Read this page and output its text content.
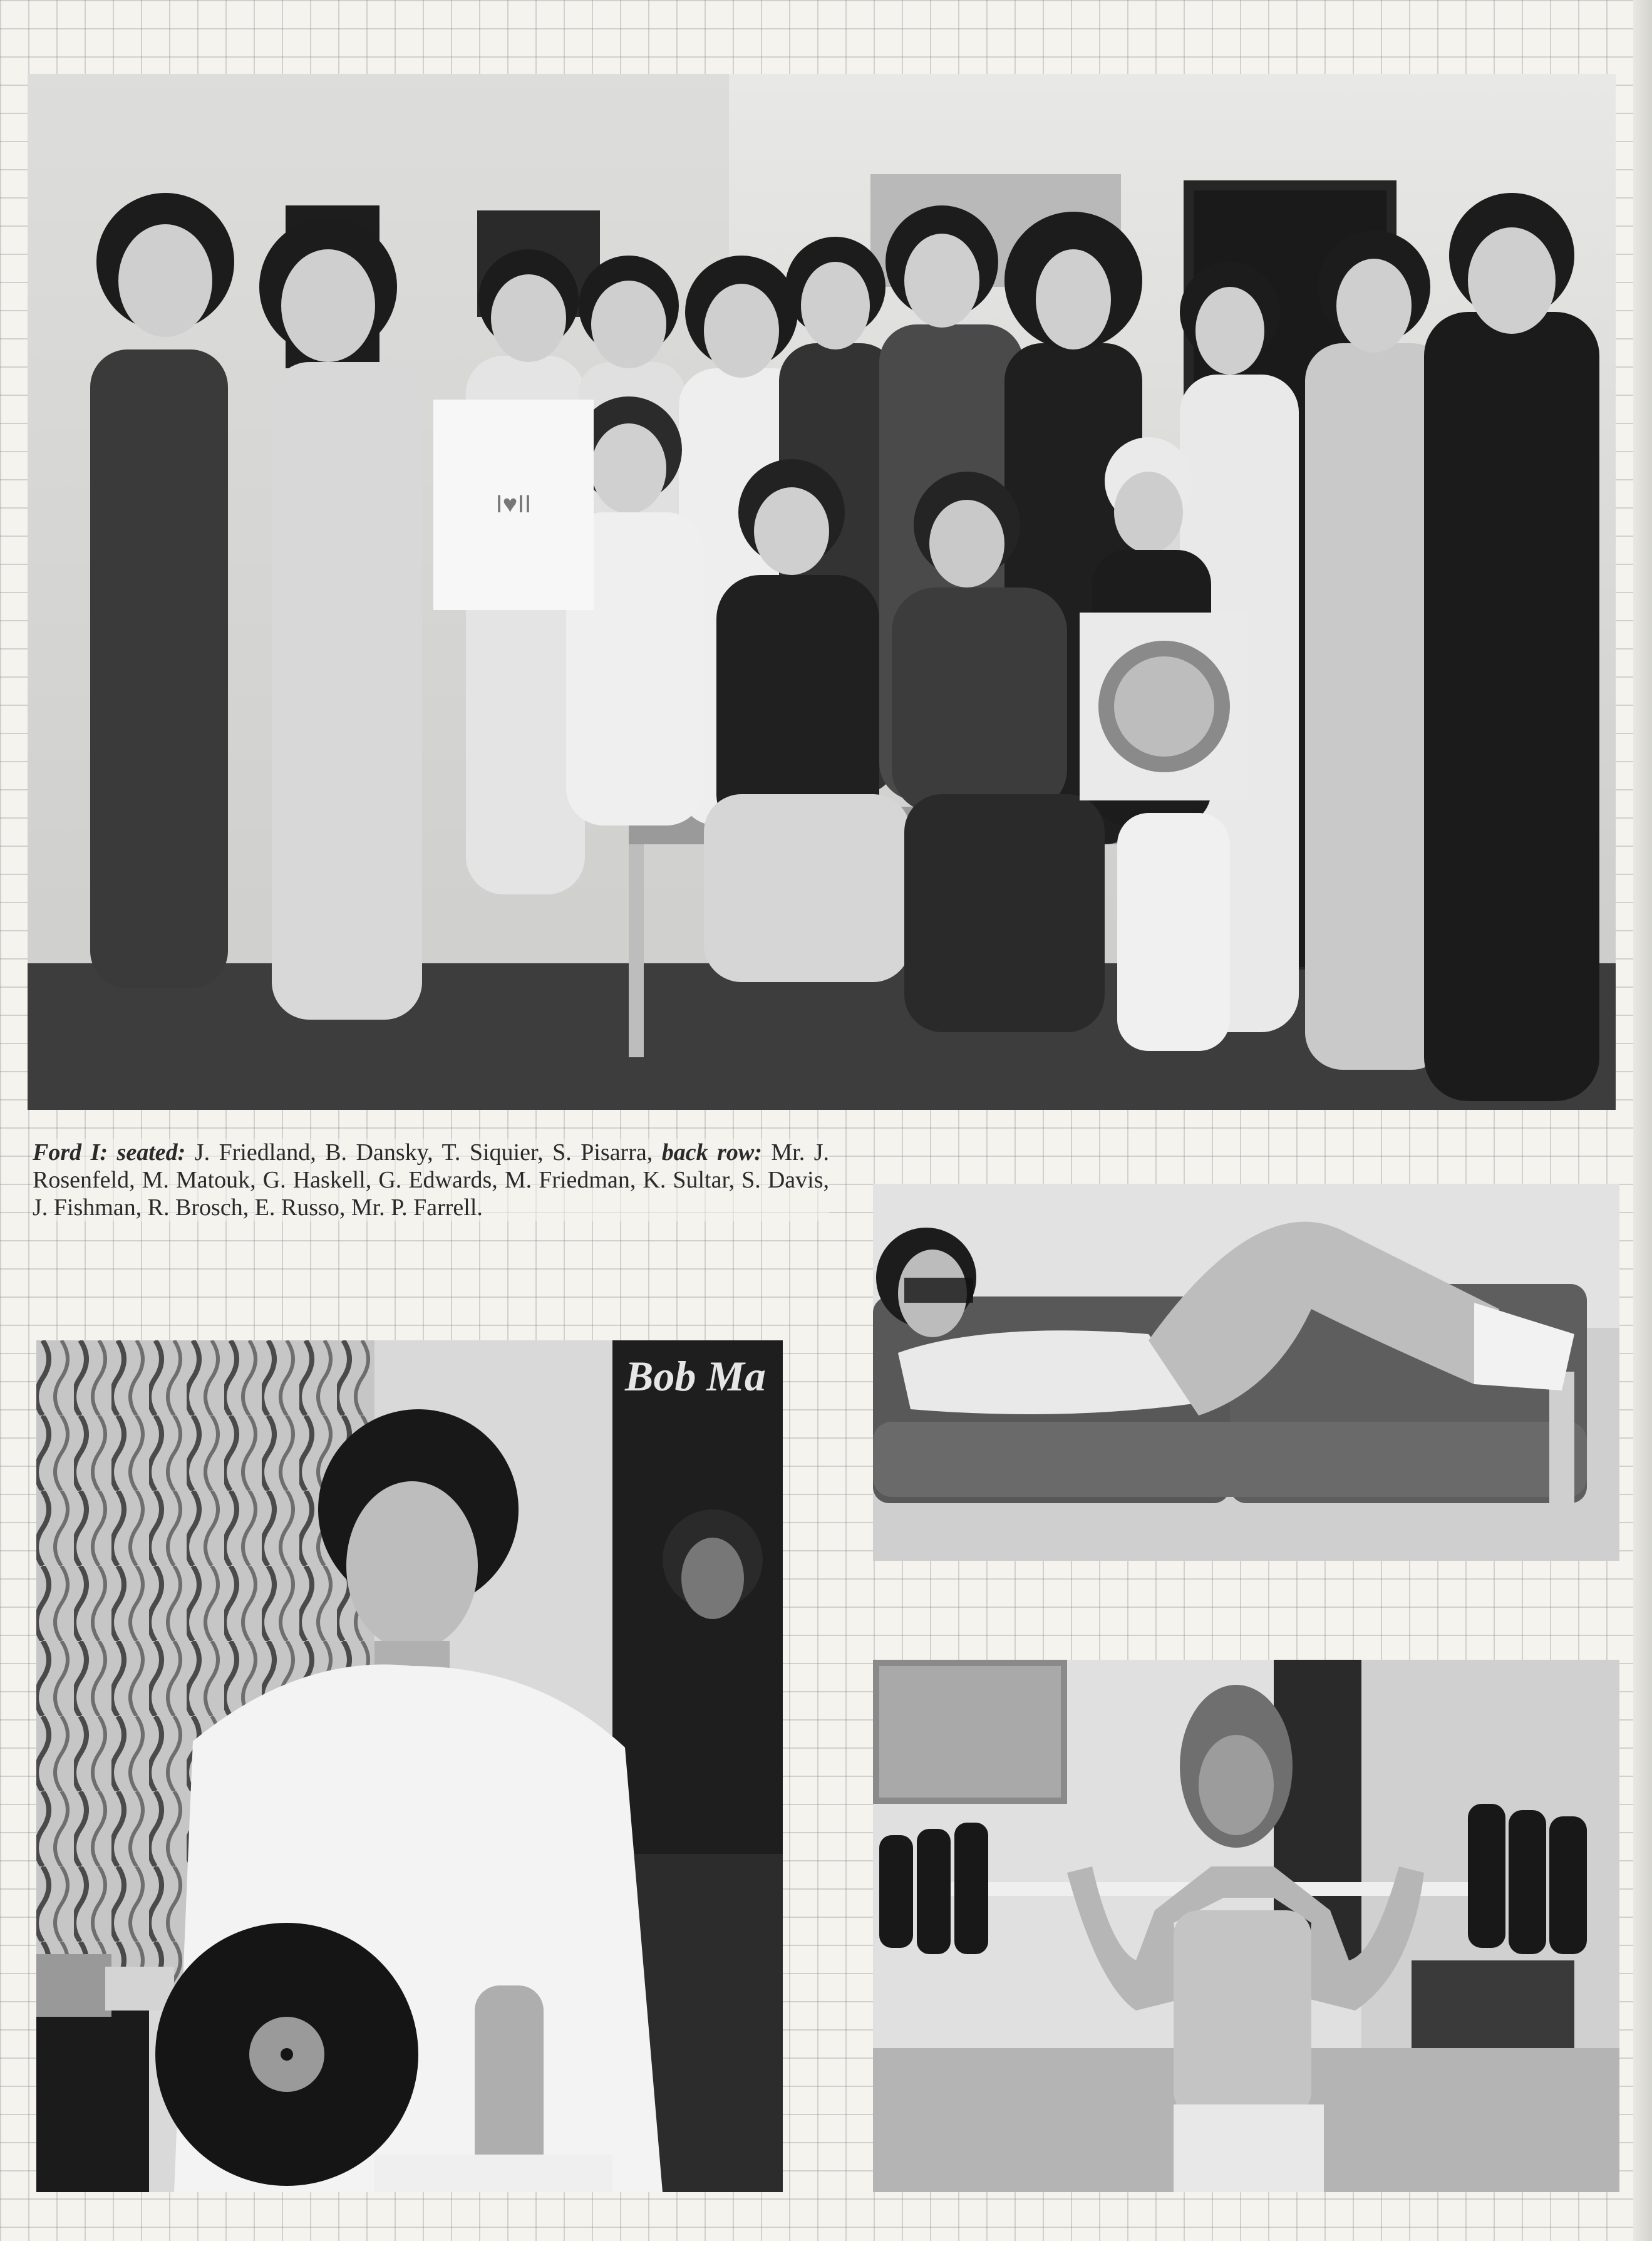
I♥II
Ford I: seated: J. Friedland, B. Dansky, T. Siquier, S. Pisarra, back row: Mr. J. Rosenfeld, M. Matouk, G. Haskell, G. Edwards, M. Friedman, K. Sultar, S. Davis, J. Fishman, R. Brosch, E. Russo, Mr. P. Farrell.
Bob Ma
